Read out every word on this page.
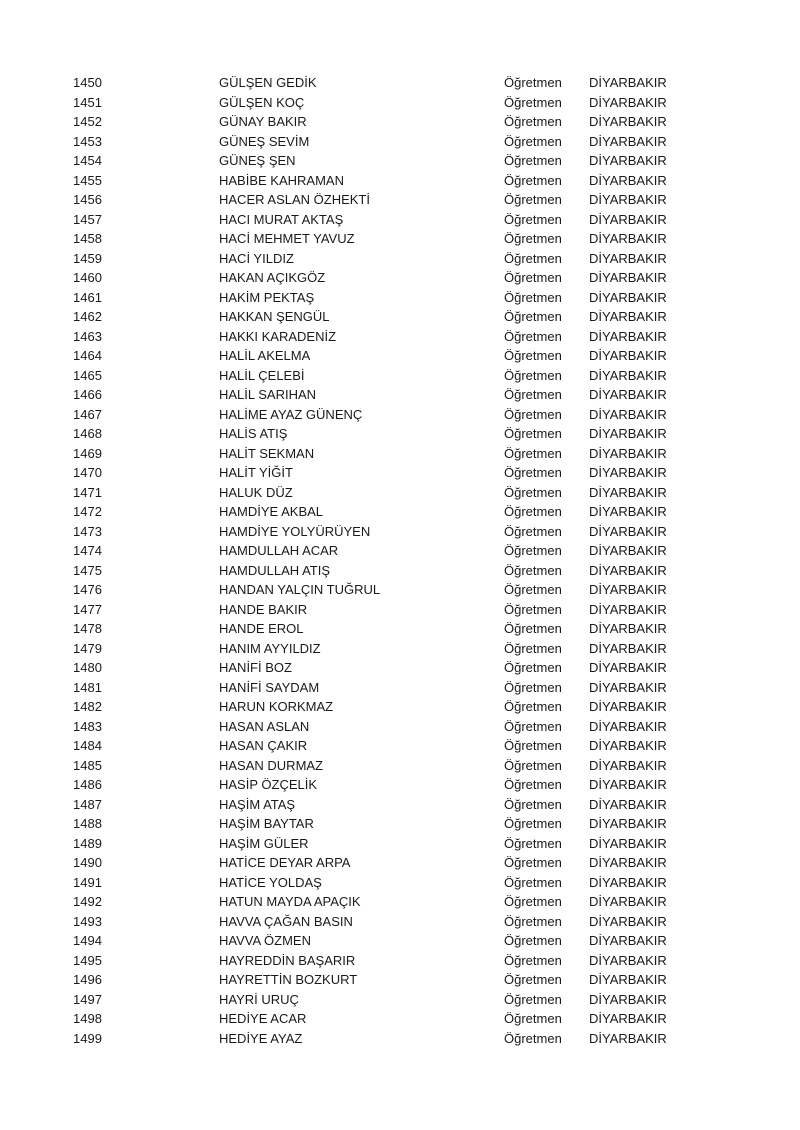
1450	GÜLŞEN GEDİK	Öğretmen DİYARBAKIR
1451	GÜLŞEN KOÇ	Öğretmen DİYARBAKIR
1452	GÜNAY BAKIR	Öğretmen DİYARBAKIR
1453	GÜNEŞ SEVİM	Öğretmen DİYARBAKIR
1454	GÜNEŞ ŞEN	Öğretmen DİYARBAKIR
1455	HABİBE KAHRAMAN	Öğretmen DİYARBAKIR
1456	HACER ASLAN ÖZHEKTİ	Öğretmen DİYARBAKIR
1457	HACI MURAT AKTAŞ	Öğretmen DİYARBAKIR
1458	HACİ MEHMET YAVUZ	Öğretmen DİYARBAKIR
1459	HACİ YILDIZ	Öğretmen DİYARBAKIR
1460	HAKAN AÇIKGÖZ	Öğretmen DİYARBAKIR
1461	HAKİM PEKTAŞ	Öğretmen DİYARBAKIR
1462	HAKKAN ŞENGÜL	Öğretmen DİYARBAKIR
1463	HAKKI KARADENİZ	Öğretmen DİYARBAKIR
1464	HALİL AKELMA	Öğretmen DİYARBAKIR
1465	HALİL ÇELEBİ	Öğretmen DİYARBAKIR
1466	HALİL SARIHAN	Öğretmen DİYARBAKIR
1467	HALİME AYAZ GÜNENÇ	Öğretmen DİYARBAKIR
1468	HALİS ATIŞ	Öğretmen DİYARBAKIR
1469	HALİT SEKMAN	Öğretmen DİYARBAKIR
1470	HALİT YİĞİT	Öğretmen DİYARBAKIR
1471	HALUK DÜZ	Öğretmen DİYARBAKIR
1472	HAMDİYE AKBAL	Öğretmen DİYARBAKIR
1473	HAMDİYE YOLYÜRÜYEN	Öğretmen DİYARBAKIR
1474	HAMDULLAH ACAR	Öğretmen DİYARBAKIR
1475	HAMDULLAH ATIŞ	Öğretmen DİYARBAKIR
1476	HANDAN YALÇIN TUĞRUL	Öğretmen DİYARBAKIR
1477	HANDE BAKIR	Öğretmen DİYARBAKIR
1478	HANDE EROL	Öğretmen DİYARBAKIR
1479	HANIM AYYILDIZ	Öğretmen DİYARBAKIR
1480	HANİFİ BOZ	Öğretmen DİYARBAKIR
1481	HANİFİ SAYDAM	Öğretmen DİYARBAKIR
1482	HARUN KORKMAZ	Öğretmen DİYARBAKIR
1483	HASAN ASLAN	Öğretmen DİYARBAKIR
1484	HASAN ÇAKIR	Öğretmen DİYARBAKIR
1485	HASAN DURMAZ	Öğretmen DİYARBAKIR
1486	HASİP ÖZÇELİK	Öğretmen DİYARBAKIR
1487	HAŞİM ATAŞ	Öğretmen DİYARBAKIR
1488	HAŞİM BAYTAR	Öğretmen DİYARBAKIR
1489	HAŞİM GÜLER	Öğretmen DİYARBAKIR
1490	HATİCE DEYAR ARPA	Öğretmen DİYARBAKIR
1491	HATİCE YOLDAŞ	Öğretmen DİYARBAKIR
1492	HATUN MAYDA APAÇIK	Öğretmen DİYARBAKIR
1493	HAVVA ÇAĞAN BASIN	Öğretmen DİYARBAKIR
1494	HAVVA ÖZMEN	Öğretmen DİYARBAKIR
1495	HAYREDDİN BAŞARIR	Öğretmen DİYARBAKIR
1496	HAYRETTİN BOZKURT	Öğretmen DİYARBAKIR
1497	HAYRİ URUÇ	Öğretmen DİYARBAKIR
1498	HEDİYE ACAR	Öğretmen DİYARBAKIR
1499	HEDİYE AYAZ	Öğretmen DİYARBAKIR
